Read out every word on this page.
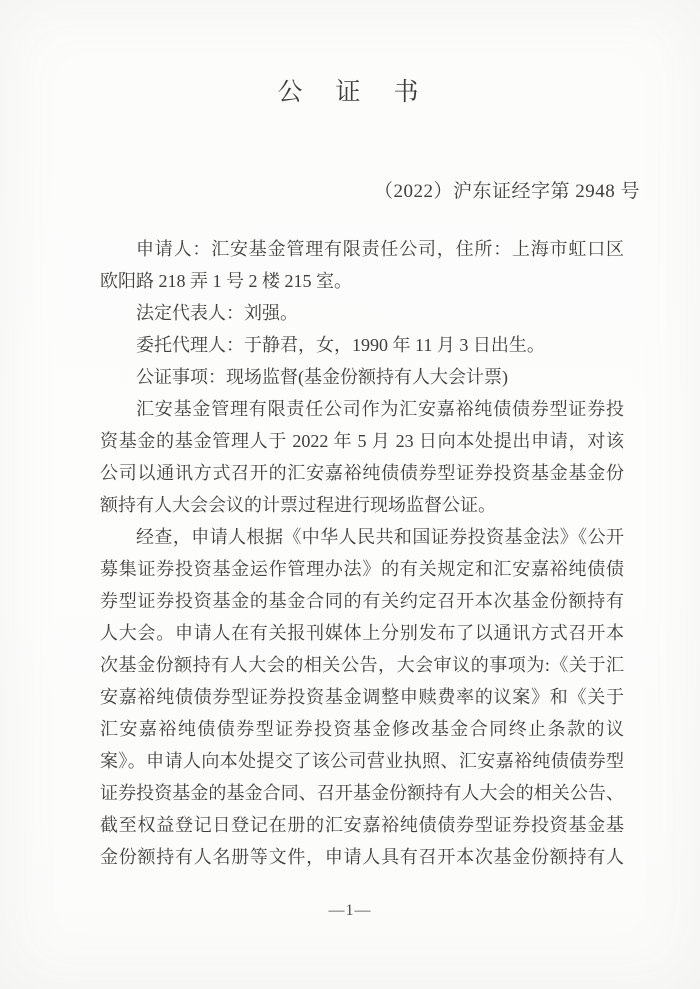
公　证　书
（2022）沪东证经字第 2948 号
申请人：汇安基金管理有限责任公司，住所：上海市虹口区
欧阳路 218 弄 1 号 2 楼 215 室。
法定代表人：刘强。
委托代理人：于静君，女，1990 年 11 月 3 日出生。
公证事项：现场监督(基金份额持有人大会计票)
汇安基金管理有限责任公司作为汇安嘉裕纯债债券型证券投
资基金的基金管理人于 2022 年 5 月 23 日向本处提出申请，对该
公司以通讯方式召开的汇安嘉裕纯债债券型证券投资基金基金份
额持有人大会会议的计票过程进行现场监督公证。
经查，申请人根据《中华人民共和国证券投资基金法》《公开
募集证券投资基金运作管理办法》的有关规定和汇安嘉裕纯债债
券型证券投资基金的基金合同的有关约定召开本次基金份额持有
人大会。申请人在有关报刊媒体上分别发布了以通讯方式召开本
次基金份额持有人大会的相关公告，大会审议的事项为:《关于汇
安嘉裕纯债债券型证券投资基金调整申赎费率的议案》和《关于
汇安嘉裕纯债债券型证券投资基金修改基金合同终止条款的议
案》。申请人向本处提交了该公司营业执照、汇安嘉裕纯债债券型
证券投资基金的基金合同、召开基金份额持有人大会的相关公告、
截至权益登记日登记在册的汇安嘉裕纯债债券型证券投资基金基
金份额持有人名册等文件，申请人具有召开本次基金份额持有人
—1—
